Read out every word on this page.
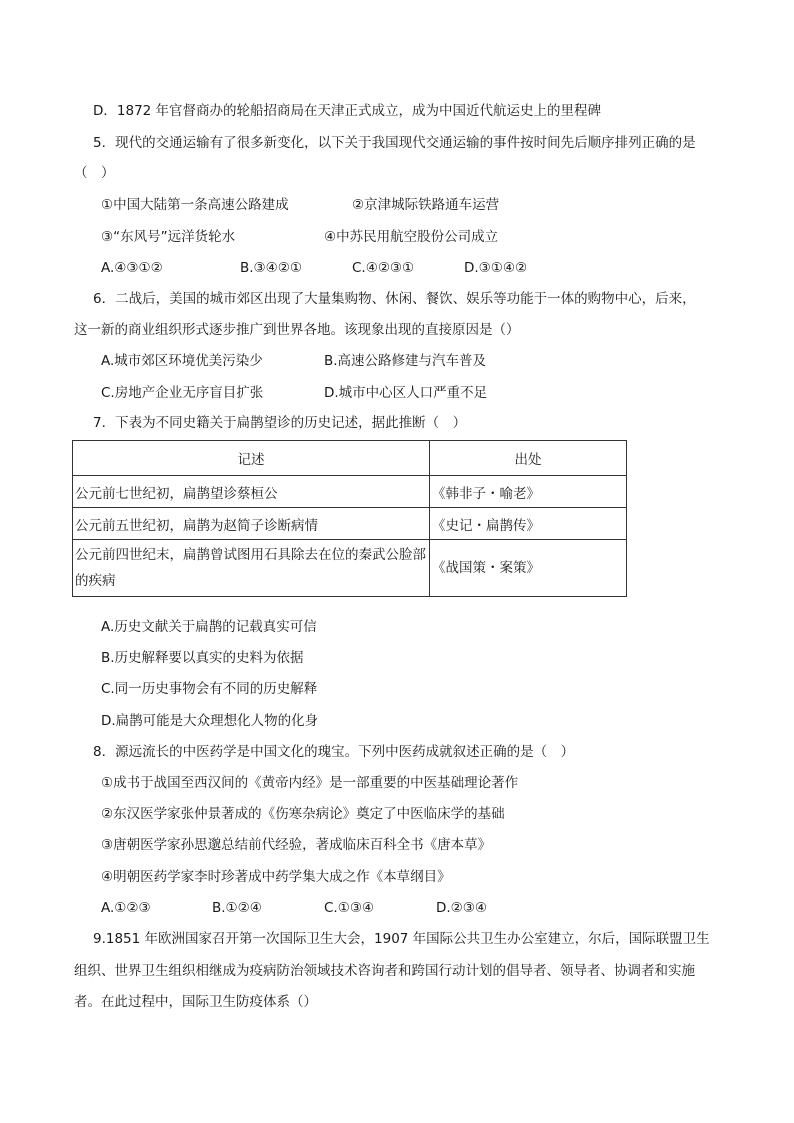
D．1872 年官督商办的轮船招商局在天津正式成立，成为中国近代航运史上的里程碑
5．现代的交通运输有了很多新变化，以下关于我国现代交通运输的事件按时间先后顺序排列正确的是
（　）
①中国大陆第一条高速公路建成	②京津城际铁路通车运营
③“东风号”远洋货轮水	④中苏民用航空股份公司成立
A.④③①②	B.③④②①	C.④②③①	D.③①④②
6．二战后，美国的城市郊区出现了大量集购物、休闲、餐饮、娱乐等功能于一体的购物中心，后来，
这一新的商业组织形式逐步推广到世界各地。该现象出现的直接原因是（）
A.城市郊区环境优美污染少	B.高速公路修建与汽车普及
C.房地产企业无序盲目扩张	D.城市中心区人口严重不足
7．下表为不同史籍关于扁鹊望诊的历史记述，据此推断（　）
记述	出处
公元前七世纪初，扁鹊望诊蔡桓公	《韩非子・喻老》
公元前五世纪初，扁鹊为赵简子诊断病情	《史记・扁鹊传》
公元前四世纪末，扁鹊曾试图用石具除去在位的秦武公脸部的疾病	《战国策・案策》
A.历史文献关于扁鹊的记载真实可信
B.历史解释要以真实的史料为依据
C.同一历史事物会有不同的历史解释
D.扁鹊可能是大众理想化人物的化身
8．源远流长的中医药学是中国文化的瑰宝。下列中医药成就叙述正确的是（　）
①成书于战国至西汉间的《黄帝内经》是一部重要的中医基础理论著作
②东汉医学家张仲景著成的《伤寒杂病论》奠定了中医临床学的基础
③唐朝医学家孙思邈总结前代经验，著成临床百科全书《唐本草》
④明朝医药学家李时珍著成中药学集大成之作《本草纲目》
A.①②③	B.①②④	C.①③④	D.②③④
9.1851 年欧洲国家召开第一次国际卫生大会，1907 年国际公共卫生办公室建立，尔后，国际联盟卫生
组织、世界卫生组织相继成为疫病防治领域技术咨询者和跨国行动计划的倡导者、领导者、协调者和实施
者。在此过程中，国际卫生防疫体系（）
